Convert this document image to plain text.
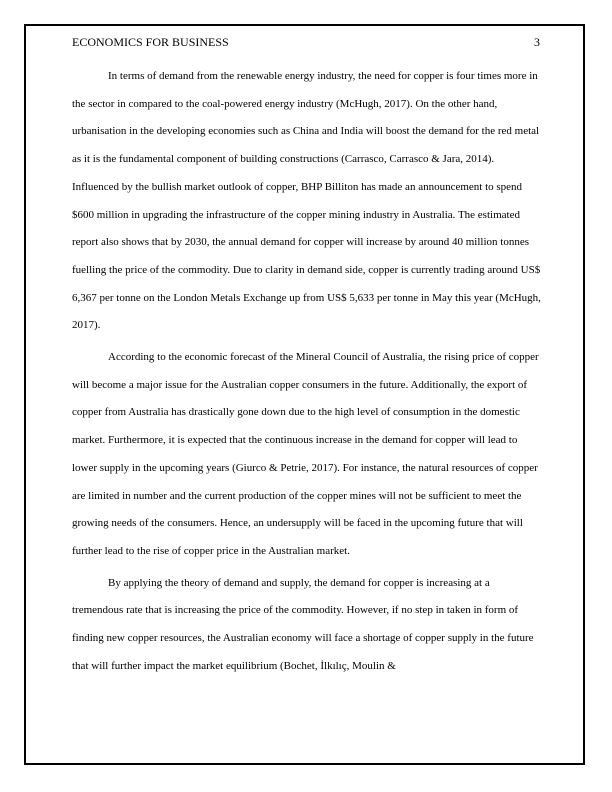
ECONOMICS FOR BUSINESS	3

In terms of demand from the renewable energy industry, the need for copper is four times more in the sector in compared to the coal-powered energy industry (McHugh, 2017). On the other hand, urbanisation in the developing economies such as China and India will boost the demand for the red metal as it is the fundamental component of building constructions (Carrasco, Carrasco & Jara, 2014). Influenced by the bullish market outlook of copper, BHP Billiton has made an announcement to spend $600 million in upgrading the infrastructure of the copper mining industry in Australia. The estimated report also shows that by 2030, the annual demand for copper will increase by around 40 million tonnes fuelling the price of the commodity. Due to clarity in demand side, copper is currently trading around US$ 6,367 per tonne on the London Metals Exchange up from US$ 5,633 per tonne in May this year (McHugh, 2017).

According to the economic forecast of the Mineral Council of Australia, the rising price of copper will become a major issue for the Australian copper consumers in the future. Additionally, the export of copper from Australia has drastically gone down due to the high level of consumption in the domestic market. Furthermore, it is expected that the continuous increase in the demand for copper will lead to lower supply in the upcoming years (Giurco & Petrie, 2017). For instance, the natural resources of copper are limited in number and the current production of the copper mines will not be sufficient to meet the growing needs of the consumers. Hence, an undersupply will be faced in the upcoming future that will further lead to the rise of copper price in the Australian market.

By applying the theory of demand and supply, the demand for copper is increasing at a tremendous rate that is increasing the price of the commodity. However, if no step in taken in form of finding new copper resources, the Australian economy will face a shortage of copper supply in the future that will further impact the market equilibrium (Bochet, İlkılıç, Moulin &
